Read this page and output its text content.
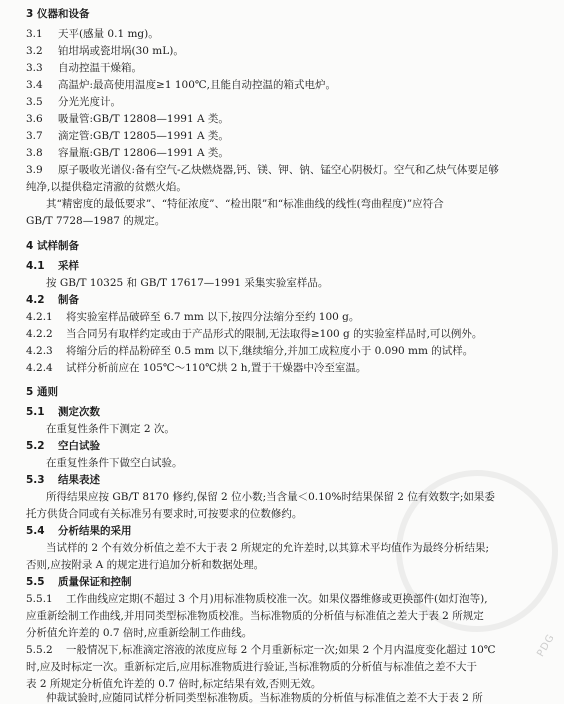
PDG
3 仪器和设备
3.1 天平(感量 0.1 mg)。
3.2 铂坩埚或瓷坩埚(30 mL)。
3.3 自动控温干燥箱。
3.4 高温炉:最高使用温度≥1 100℃,且能自动控温的箱式电炉。
3.5 分光光度计。
3.6 吸量管:GB/T 12808—1991 A 类。
3.7 滴定管:GB/T 12805—1991 A 类。
3.8 容量瓶:GB/T 12806—1991 A 类。
3.9 原子吸收光谱仪:备有空气-乙炔燃烧器,钙、镁、钾、钠、锰空心阴极灯。空气和乙炔气体要足够
纯净,以提供稳定清澈的贫燃火焰。
其“精密度的最低要求”、“特征浓度”、“检出限”和“标准曲线的线性(弯曲程度)”应符合
GB/T 7728—1987 的规定。
4 试样制备
4.1 采样
按 GB/T 10325 和 GB/T 17617—1991 采集实验室样品。
4.2 制备
4.2.1 将实验室样品破碎至 6.7 mm 以下,按四分法缩分至约 100 g。
4.2.2 当合同另有取样约定或由于产品形式的限制,无法取得≥100 g 的实验室样品时,可以例外。
4.2.3 将缩分后的样品粉碎至 0.5 mm 以下,继续缩分,并加工成粒度小于 0.090 mm 的试样。
4.2.4 试样分析前应在 105℃～110℃烘 2 h,置于干燥器中冷至室温。
5 通则
5.1 测定次数
在重复性条件下测定 2 次。
5.2 空白试验
在重复性条件下做空白试验。
5.3 结果表述
所得结果应按 GB/T 8170 修约,保留 2 位小数;当含量＜0.10%时结果保留 2 位有效数字;如果委
托方供货合同或有关标准另有要求时,可按要求的位数修约。
5.4 分析结果的采用
当试样的 2 个有效分析值之差不大于表 2 所规定的允许差时,以其算术平均值作为最终分析结果;
否则,应按附录 A 的规定进行追加分析和数据处理。
5.5 质量保证和控制
5.5.1 工作曲线应定期(不超过 3 个月)用标准物质校准一次。如果仪器维修或更换部件(如灯泡等),
应重新绘制工作曲线,并用同类型标准物质校准。当标准物质的分析值与标准值之差大于表 2 所规定
分析值允许差的 0.7 倍时,应重新绘制工作曲线。
5.5.2 一般情况下,标准滴定溶液的浓度应每 2 个月重新标定一次;如果 2 个月内温度变化超过 10℃
时,应及时标定一次。重新标定后,应用标准物质进行验证,当标准物质的分析值与标准值之差不大于
表 2 所规定分析值允许差的 0.7 倍时,标定结果有效,否则无效。
仲裁试验时,应随同试样分析同类型标准物质。当标准物质的分析值与标准值之差不大于表 2 所
